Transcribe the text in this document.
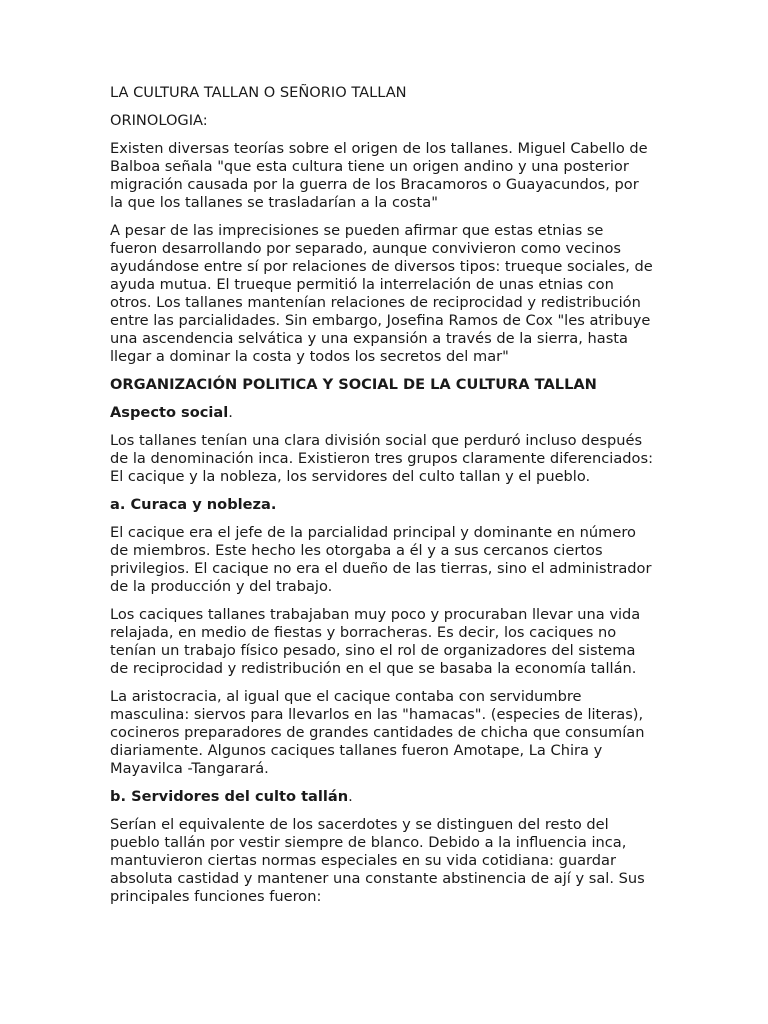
LA CULTURA TALLAN O SEÑORIO TALLAN

ORINOLOGIA:

Existen diversas teorías sobre el origen de los tallanes. Miguel Cabello de Balboa señala "que esta cultura tiene un origen andino y una posterior migración causada por la guerra de los Bracamoros o Guayacundos, por la que los tallanes se trasladarían a la costa"

A pesar de las imprecisiones se pueden afirmar que estas etnias se fueron desarrollando por separado, aunque convivieron como vecinos ayudándose entre sí por relaciones de diversos tipos: trueque sociales, de ayuda mutua. El trueque permitió la interrelación de unas etnias con otros. Los tallanes mantenían relaciones de reciprocidad y redistribución entre las parcialidades. Sin embargo, Josefina Ramos de Cox "les atribuye una ascendencia selvática y una expansión a través de la sierra, hasta llegar a dominar la costa y todos los secretos del mar"

ORGANIZACIÓN POLITICA Y SOCIAL DE LA CULTURA TALLAN

Aspecto social.

Los tallanes tenían una clara división social que perduró incluso después de la denominación inca. Existieron tres grupos claramente diferenciados: El cacique y la nobleza, los servidores del culto tallan y el pueblo.

a. Curaca y nobleza.

El cacique era el jefe de la parcialidad principal y dominante en número de miembros. Este hecho les otorgaba a él y a sus cercanos ciertos privilegios. El cacique no era el dueño de las tierras, sino el administrador de la producción y del trabajo.

Los caciques tallanes trabajaban muy poco y procuraban llevar una vida relajada, en medio de fiestas y borracheras. Es decir, los caciques no tenían un trabajo físico pesado, sino el rol de organizadores del sistema de reciprocidad y redistribución en el que se basaba la economía tallán.

La aristocracia, al igual que el cacique contaba con servidumbre masculina: siervos para llevarlos en las "hamacas". (especies de literas), cocineros preparadores de grandes cantidades de chicha que consumían diariamente. Algunos caciques tallanes fueron Amotape, La Chira y Mayavilca -Tangarará.

b. Servidores del culto tallán.

Serían el equivalente de los sacerdotes y se distinguen del resto del pueblo tallán por vestir siempre de blanco. Debido a la influencia inca, mantuvieron ciertas normas especiales en su vida cotidiana: guardar absoluta castidad y mantener una constante abstinencia de ají y sal. Sus principales funciones fueron:
